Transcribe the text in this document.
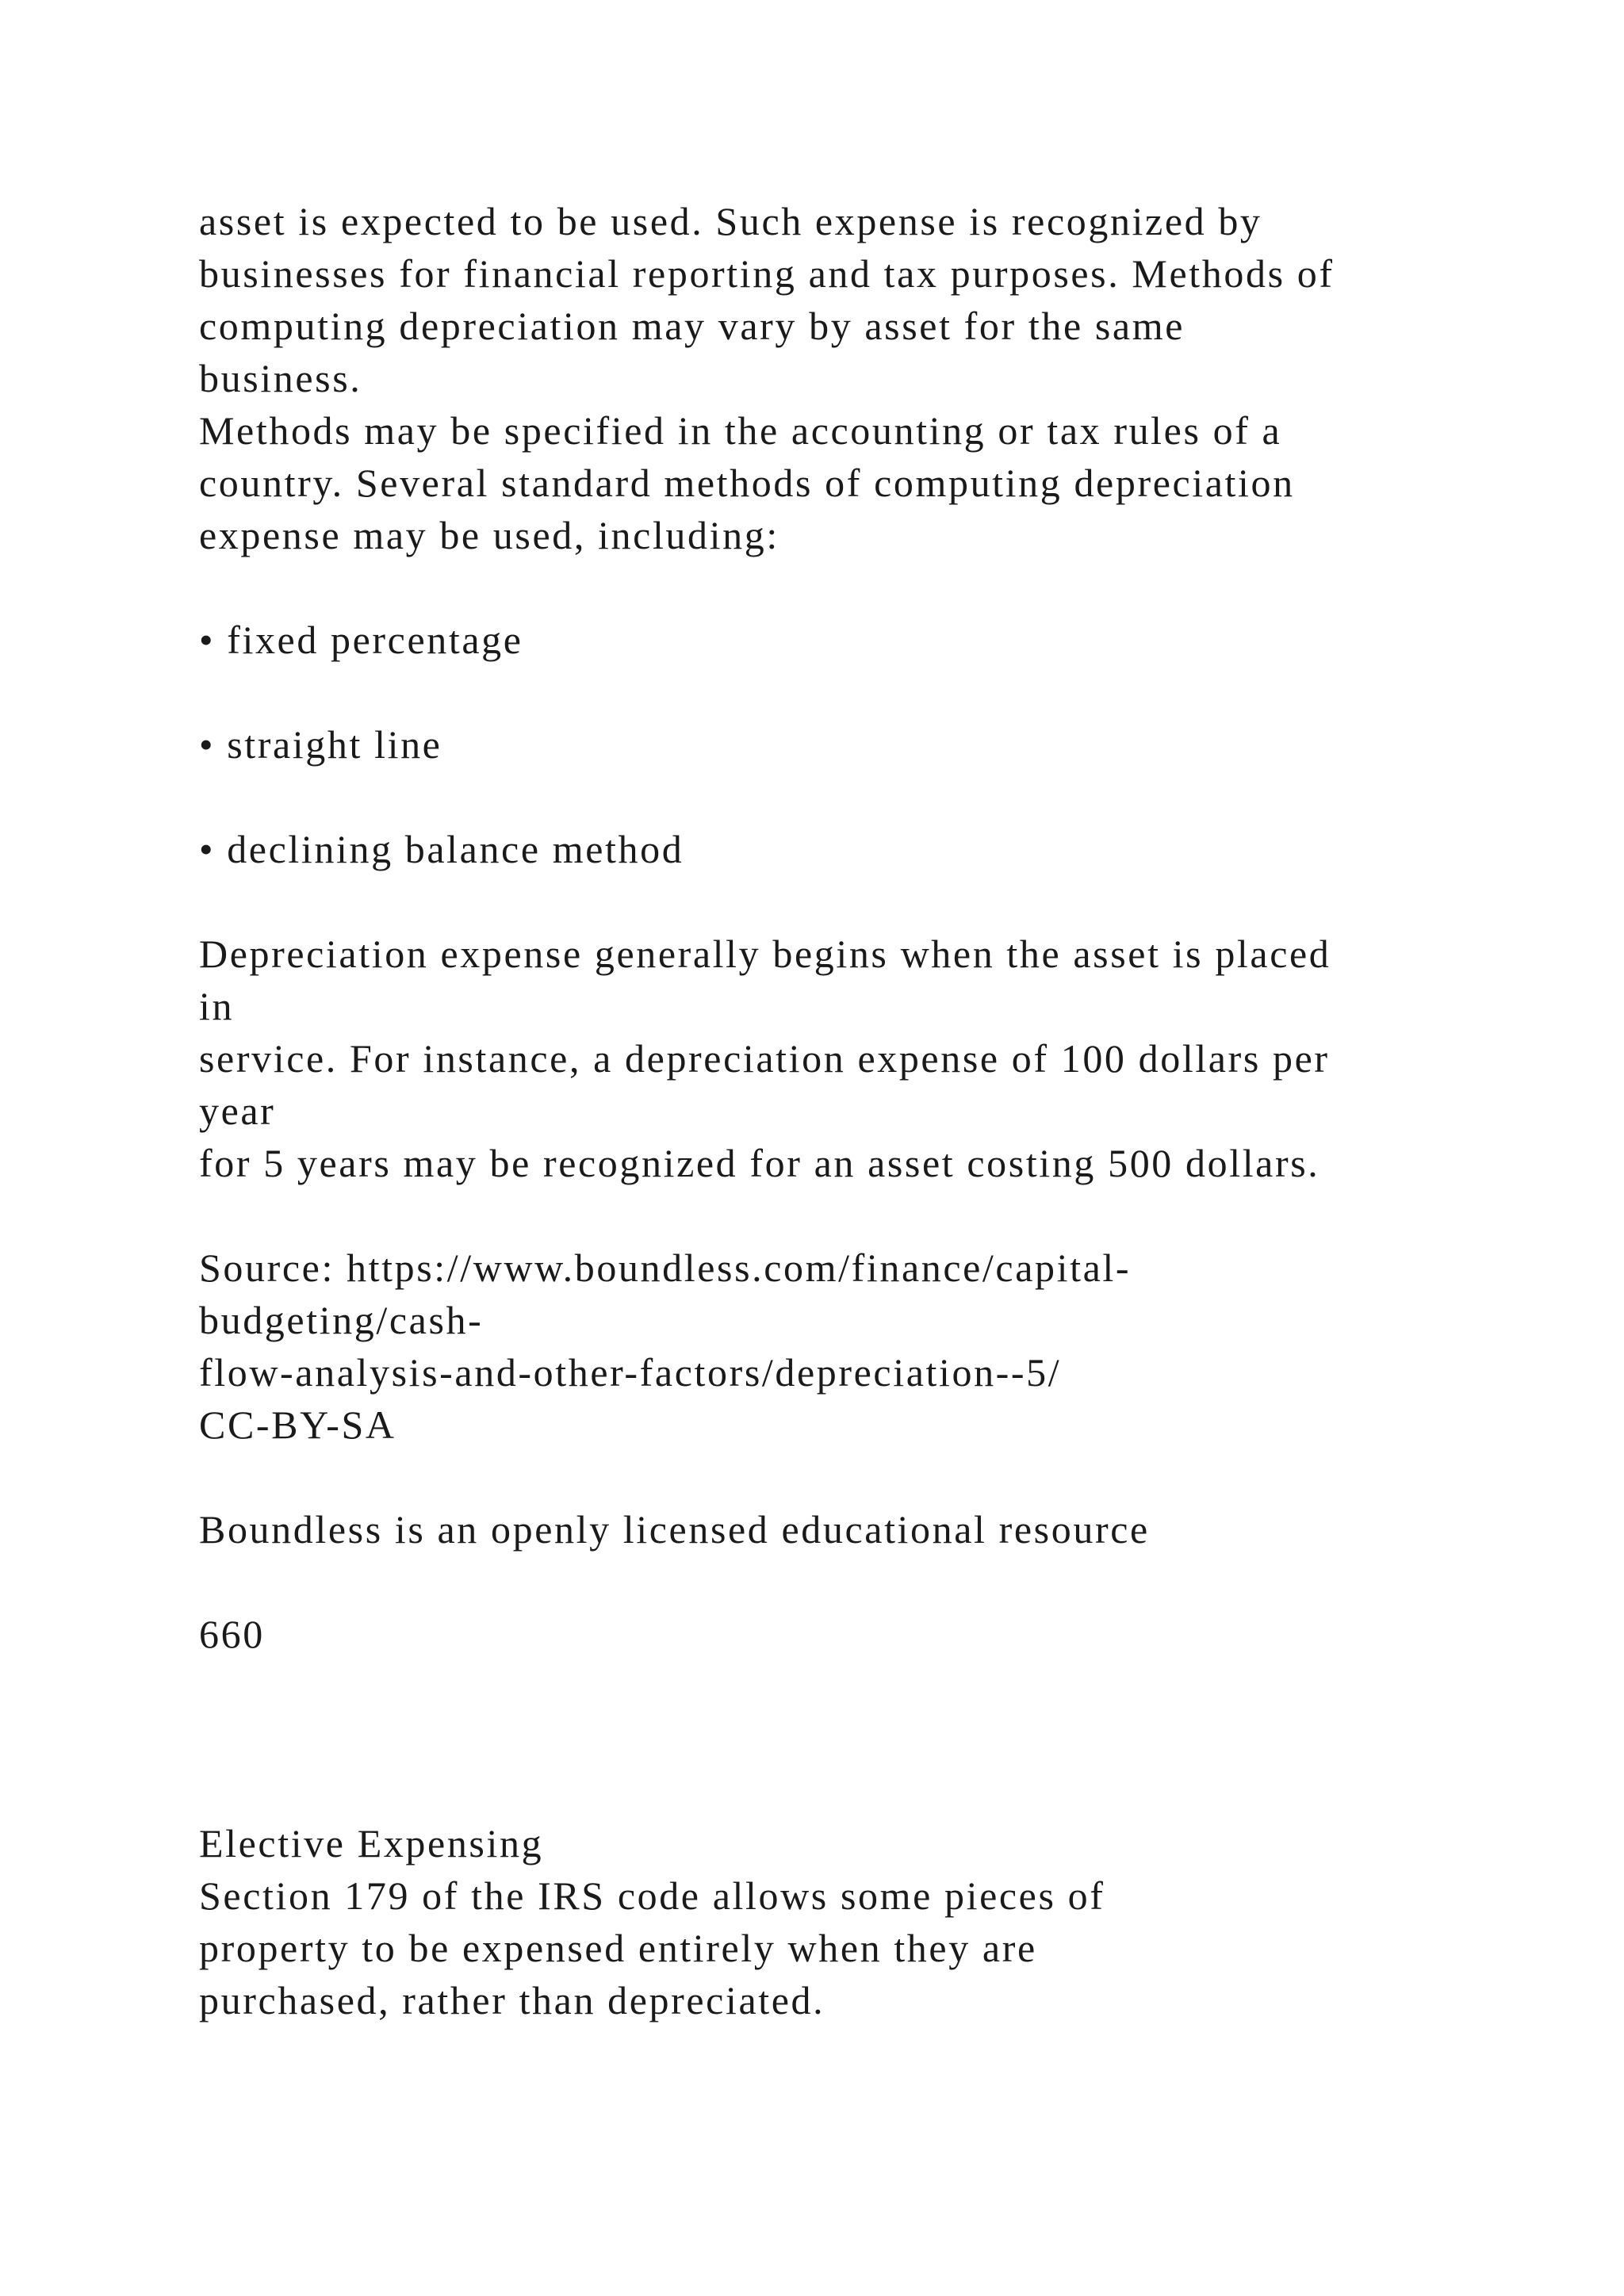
asset is expected to be used. Such expense is recognized by
businesses for financial reporting and tax purposes. Methods of
computing depreciation may vary by asset for the same
business.
Methods may be specified in the accounting or tax rules of a
country. Several standard methods of computing depreciation
expense may be used, including:
• fixed percentage
• straight line
• declining balance method
Depreciation expense generally begins when the asset is placed
in
service. For instance, a depreciation expense of 100 dollars per
year
for 5 years may be recognized for an asset costing 500 dollars.
Source: https://www.boundless.com/finance/capital-
budgeting/cash-
flow-analysis-and-other-factors/depreciation--5/
CC-BY-SA
Boundless is an openly licensed educational resource
660
Elective Expensing
Section 179 of the IRS code allows some pieces of
property to be expensed entirely when they are
purchased, rather than depreciated.
